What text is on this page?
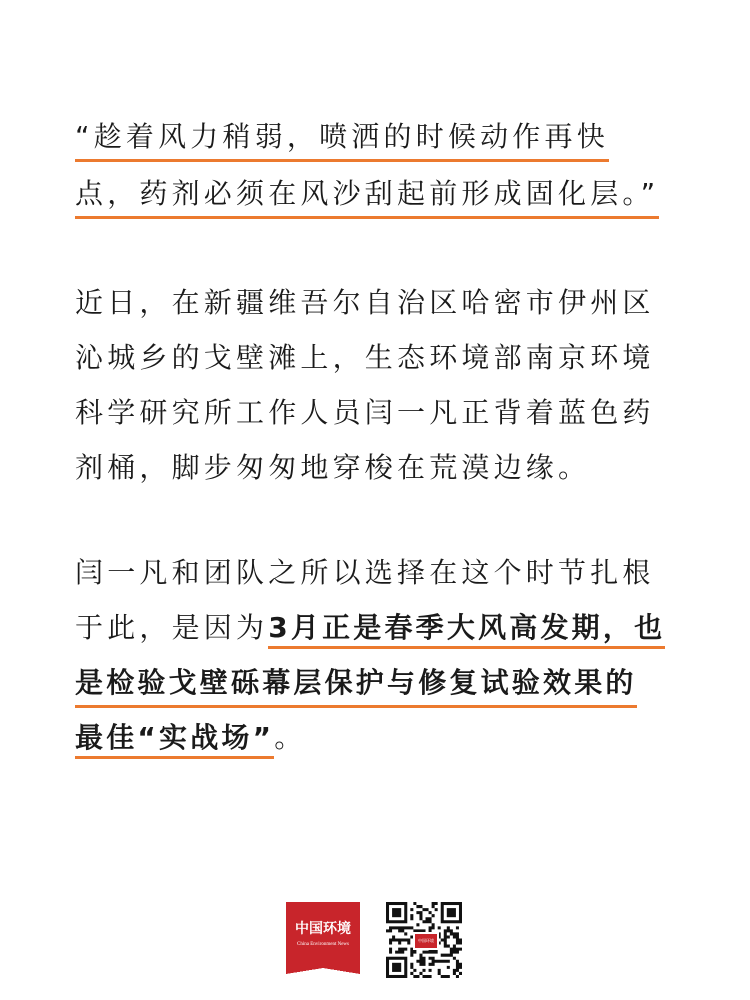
“趁着风力稍弱，喷洒的时候动作再快
点，药剂必须在风沙刮起前形成固化层。”
近日，在新疆维吾尔自治区哈密市伊州区
沁城乡的戈壁滩上，生态环境部南京环境
科学研究所工作人员闫一凡正背着蓝色药
剂桶，脚步匆匆地穿梭在荒漠边缘。
闫一凡和团队之所以选择在这个时节扎根
于此，是因为3月正是春季大风高发期，也
是检验戈壁砾幕层保护与修复试验效果的
最佳“实战场”。
中国环境
China Environment News
中国环境
